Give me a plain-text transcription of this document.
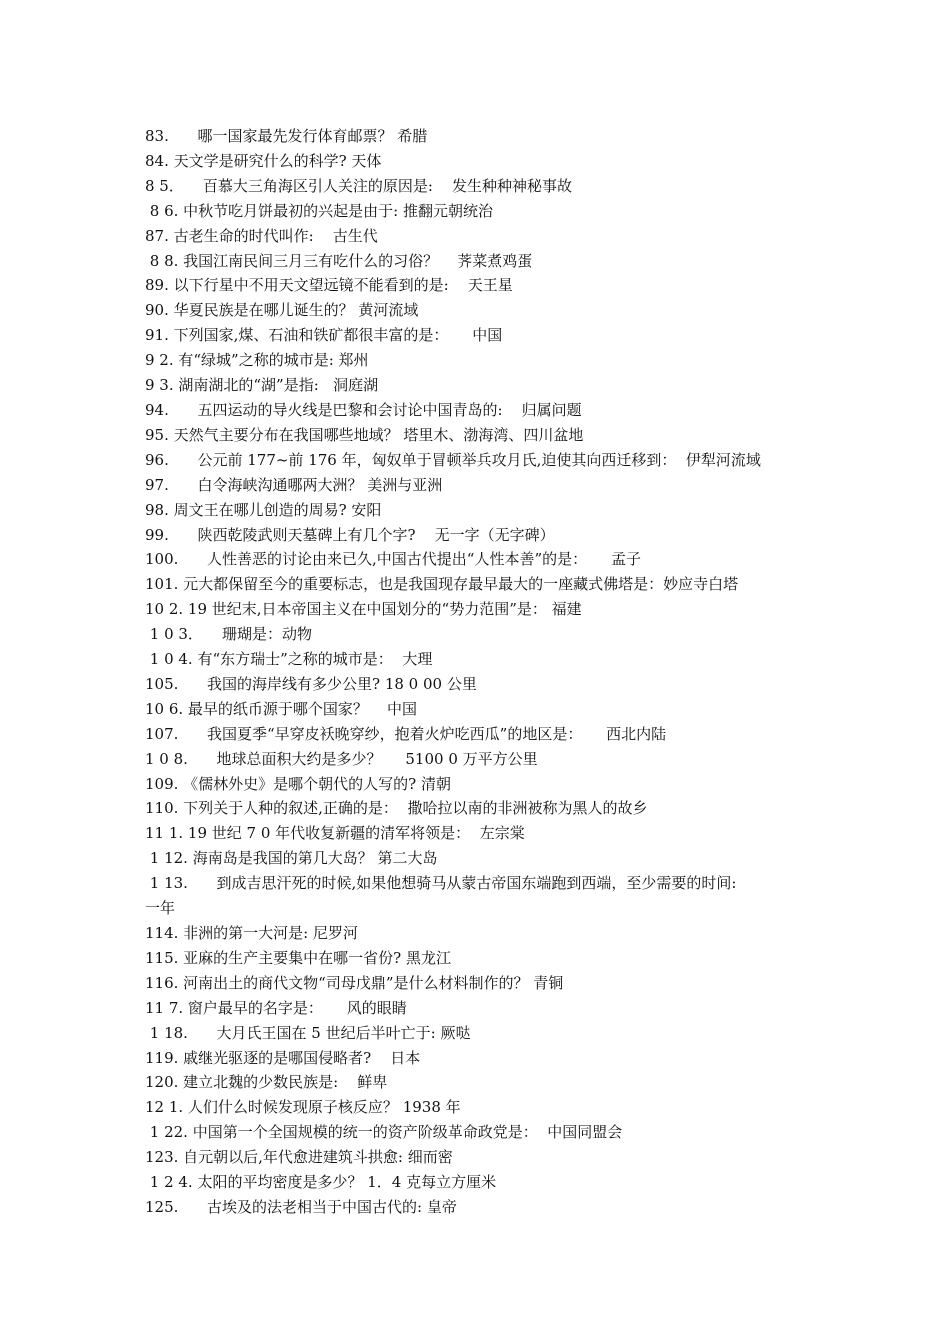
83.      哪一国家最先发行体育邮票？ 希腊

84. 天文学是研究什么的科学? 天体

8 5．    百慕大三角海区引人关注的原因是:    发生种种神秘事故

8 6. 中秋节吃月饼最初的兴起是由于: 推翻元朝统治

87. 古老生命的时代叫作:    古生代

8 8. 我国江南民间三月三有吃什么的习俗？    荠菜煮鸡蛋

89. 以下行星中不用天文望远镜不能看到的是:    天王星

90. 华夏民族是在哪儿诞生的？ 黄河流域

91. 下列国家,煤、石油和铁矿都很丰富的是：     中国

9 2. 有“绿城”之称的城市是: 郑州

9 3. 湖南湖北的“湖”是指:   洞庭湖

94.      五四运动的导火线是巴黎和会讨论中国青岛的:    归属问题

95. 天然气主要分布在我国哪些地域？ 塔里木、渤海湾、四川盆地

96.      公元前 177~前 176 年，匈奴单于冒顿举兵攻月氏,迫使其向西迁移到：  伊犁河流域

97.      白令海峡沟通哪两大洲？ 美洲与亚洲

98. 周文王在哪儿创造的周易? 安阳

99.      陕西乾陵武则天墓碑上有几个字?    无一字（无字碑）

100.      人性善恶的讨论由来已久,中国古代提出“人性本善”的是：     孟子

101. 元大都保留至今的重要标志，也是我国现存最早最大的一座藏式佛塔是：妙应寺白塔

10 2. 19 世纪末,日本帝国主义在中国划分的“势力范围”是： 福建

1 0 3．    珊瑚是：动物

1 0 4. 有“东方瑞士”之称的城市是：  大理

105.      我国的海岸线有多少公里? 18 0 00 公里

10 6. 最早的纸币源于哪个国家？    中国

107.      我国夏季“早穿皮袄晚穿纱，抱着火炉吃西瓜”的地区是：     西北内陆

1 0 8.      地球总面积大约是多少？     5100 0 万平方公里

109. 《儒林外史》是哪个朝代的人写的? 清朝

110. 下列关于人种的叙述,正确的是：  撒哈拉以南的非洲被称为黑人的故乡

11 1. 19 世纪 7 0 年代收复新疆的清军将领是：  左宗棠

1 12. 海南岛是我国的第几大岛？ 第二大岛

1 13.      到成吉思汗死的时候,如果他想骑马从蒙古帝国东端跑到西端，至少需要的时间:

一年

114. 非洲的第一大河是: 尼罗河

115. 亚麻的生产主要集中在哪一省份? 黑龙江

116. 河南出土的商代文物“司母戊鼎”是什么材料制作的？ 青铜

11 7. 窗户最早的名字是：     风的眼睛

1 18.      大月氏王国在 5 世纪后半叶亡于: 厥哒

119. 戚继光驱逐的是哪国侵略者?    日本

120. 建立北魏的少数民族是:    鲜卑

12 1. 人们什么时候发现原子核反应？ 1938 年

1 22. 中国第一个全国规模的统一的资产阶级革命政党是：  中国同盟会

123. 自元朝以后,年代愈进建筑斗拱愈: 细而密

1 2 4. 太阳的平均密度是多少？ 1．4 克每立方厘米

125.      古埃及的法老相当于中国古代的: 皇帝
